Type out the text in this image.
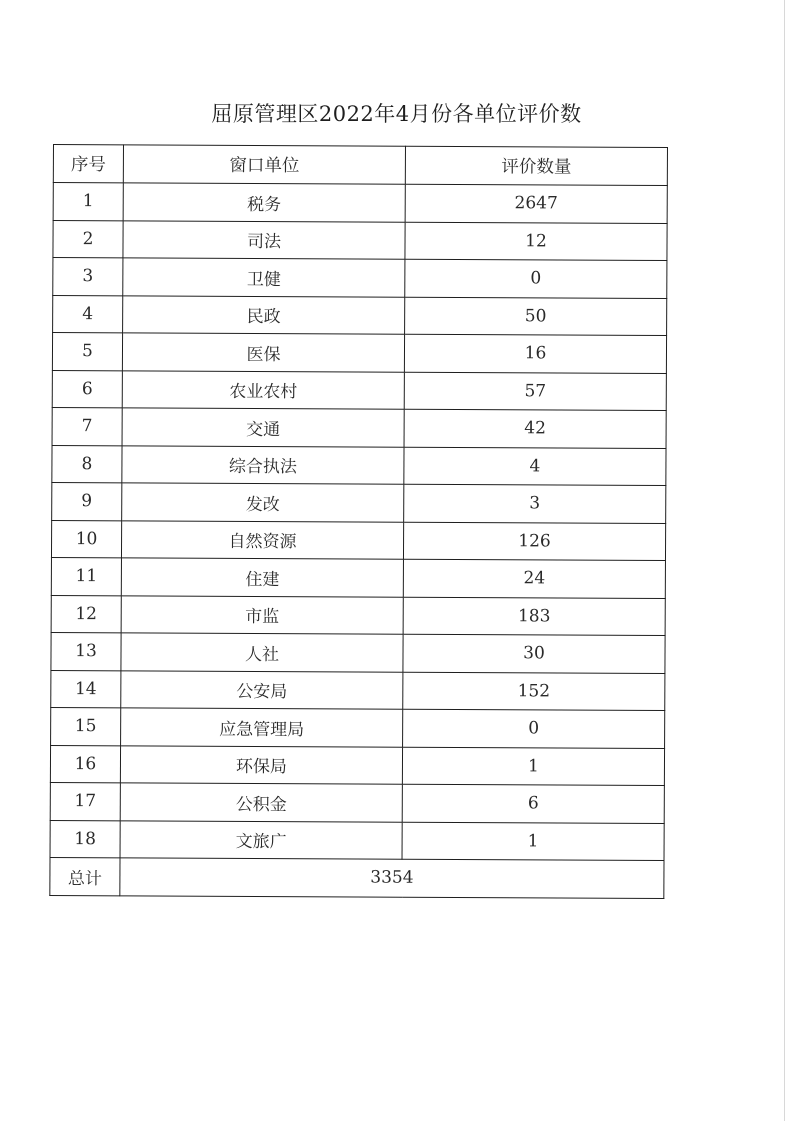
屈原管理区2022年4月份各单位评价数
序号	窗口单位	评价数量
1	税务	2647
2	司法	12
3	卫健	0
4	民政	50
5	医保	16
6	农业农村	57
7	交通	42
8	综合执法	4
9	发改	3
10	自然资源	126
11	住建	24
12	市监	183
13	人社	30
14	公安局	152
15	应急管理局	0
16	环保局	1
17	公积金	6
18	文旅广	1
总计	3354	
